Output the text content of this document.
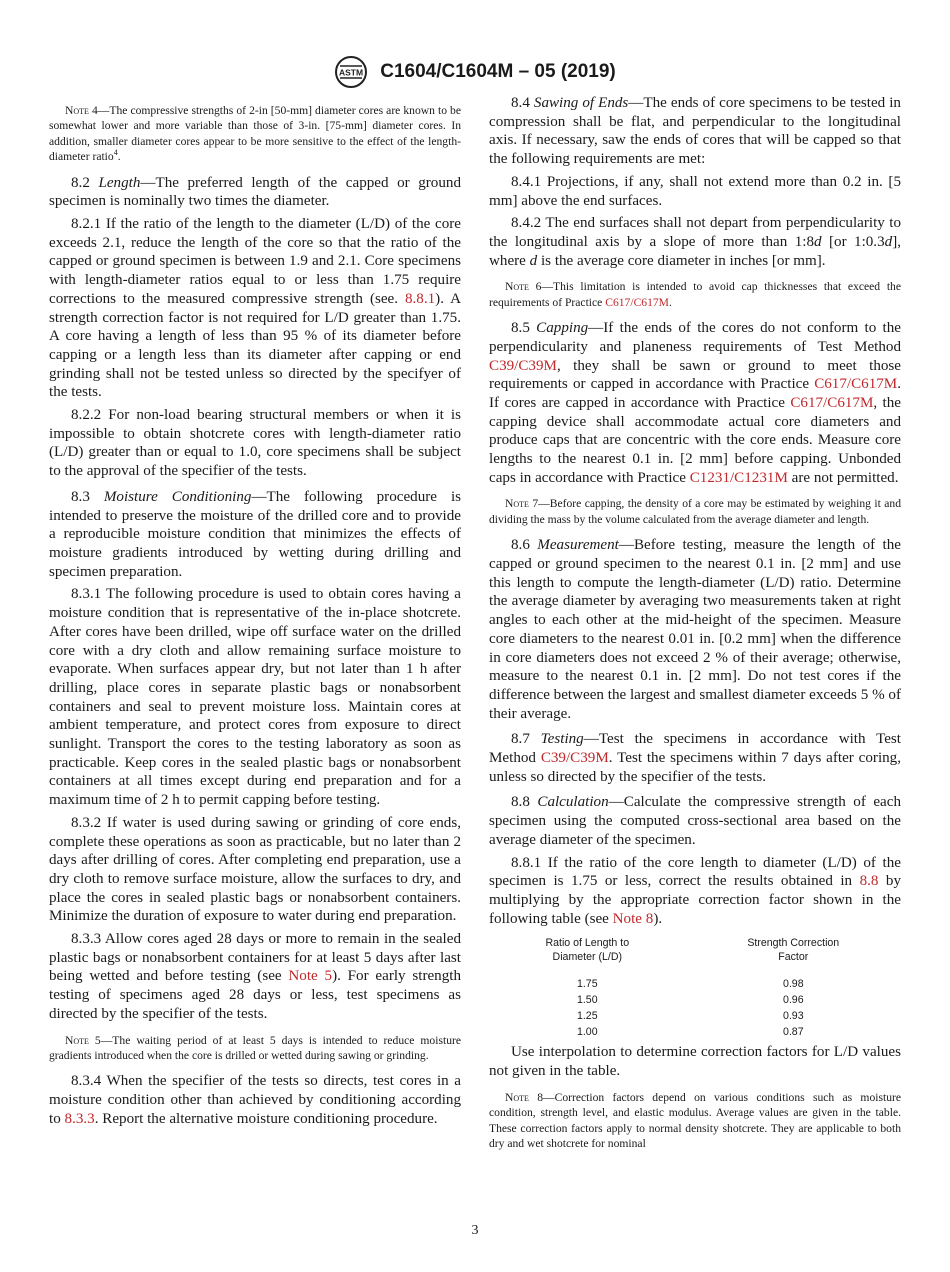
ASTM C1604/C1604M – 05 (2019)

Note 4—The compressive strengths of 2-in [50-mm] diameter cores are known to be somewhat lower and more variable than those of 3-in. [75-mm] diameter cores. In addition, smaller diameter cores appear to be more sensitive to the effect of the length-diameter ratio$^4$.

8.2 Length—The preferred length of the capped or ground specimen is nominally two times the diameter.

8.2.1 If the ratio of the length to the diameter (L/D) of the core exceeds 2.1, reduce the length of the core so that the ratio of the capped or ground specimen is between 1.9 and 2.1. Core specimens with length-diameter ratios equal to or less than 1.75 require corrections to the measured compressive strength (see. 8.8.1). A strength correction factor is not required for L/D greater than 1.75. A core having a length of less than 95 % of its diameter before capping or a length less than its diameter after capping or end grinding shall not be tested unless so directed by the specifyer of the tests.

8.2.2 For non-load bearing structural members or when it is impossible to obtain shotcrete cores with length-diameter ratio (L/D) greater than or equal to 1.0, core specimens shall be subject to the approval of the specifier of the tests.

8.3 Moisture Conditioning—The following procedure is intended to preserve the moisture of the drilled core and to provide a reproducible moisture condition that minimizes the effects of moisture gradients introduced by wetting during drilling and specimen preparation.

8.3.1 The following procedure is used to obtain cores having a moisture condition that is representative of the in-place shotcrete. After cores have been drilled, wipe off surface water on the drilled core with a dry cloth and allow remaining surface moisture to evaporate. When surfaces appear dry, but not later than 1 h after drilling, place cores in separate plastic bags or nonabsorbent containers and seal to prevent moisture loss. Maintain cores at ambient temperature, and protect cores from exposure to direct sunlight. Transport the cores to the testing laboratory as soon as practicable. Keep cores in the sealed plastic bags or nonabsorbent containers at all times except during end preparation and for a maximum time of 2 h to permit capping before testing.

8.3.2 If water is used during sawing or grinding of core ends, complete these operations as soon as practicable, but no later than 2 days after drilling of cores. After completing end preparation, use a dry cloth to remove surface moisture, allow the surfaces to dry, and place the cores in sealed plastic bags or nonabsorbent containers. Minimize the duration of exposure to water during end preparation.

8.3.3 Allow cores aged 28 days or more to remain in the sealed plastic bags or nonabsorbent containers for at least 5 days after last being wetted and before testing (see Note 5). For early strength testing of specimens aged 28 days or less, test specimens as directed by the specifier of the tests.

Note 5—The waiting period of at least 5 days is intended to reduce moisture gradients introduced when the core is drilled or wetted during sawing or grinding.

8.3.4 When the specifier of the tests so directs, test cores in a moisture condition other than achieved by conditioning according to 8.3.3. Report the alternative moisture conditioning procedure.

8.4 Sawing of Ends—The ends of core specimens to be tested in compression shall be flat, and perpendicular to the longitudinal axis. If necessary, saw the ends of cores that will be capped so that the following requirements are met:

8.4.1 Projections, if any, shall not extend more than 0.2 in. [5 mm] above the end surfaces.

8.4.2 The end surfaces shall not depart from perpendicularity to the longitudinal axis by a slope of more than 1:8d [or 1:0.3d], where d is the average core diameter in inches [or mm].

Note 6—This limitation is intended to avoid cap thicknesses that exceed the requirements of Practice C617/C617M.

8.5 Capping—If the ends of the cores do not conform to the perpendicularity and planeness requirements of Test Method C39/C39M, they shall be sawn or ground to meet those requirements or capped in accordance with Practice C617/C617M. If cores are capped in accordance with Practice C617/C617M, the capping device shall accommodate actual core diameters and produce caps that are concentric with the core ends. Measure core lengths to the nearest 0.1 in. [2 mm] before capping. Unbonded caps in accordance with Practice C1231/C1231M are not permitted.

Note 7—Before capping, the density of a core may be estimated by weighing it and dividing the mass by the volume calculated from the average diameter and length.

8.6 Measurement—Before testing, measure the length of the capped or ground specimen to the nearest 0.1 in. [2 mm] and use this length to compute the length-diameter (L/D) ratio. Determine the average diameter by averaging two measurements taken at right angles to each other at the mid-height of the specimen. Measure core diameters to the nearest 0.01 in. [0.2 mm] when the difference in core diameters does not exceed 2 % of their average; otherwise, measure to the nearest 0.1 in. [2 mm]. Do not test cores if the difference between the largest and smallest diameter exceeds 5 % of their average.

8.7 Testing—Test the specimens in accordance with Test Method C39/C39M. Test the specimens within 7 days after coring, unless so directed by the specifier of the tests.

8.8 Calculation—Calculate the compressive strength of each specimen using the computed cross-sectional area based on the average diameter of the specimen.

8.8.1 If the ratio of the core length to diameter (L/D) of the specimen is 1.75 or less, correct the results obtained in 8.8 by multiplying by the appropriate correction factor shown in the following table (see Note 8).

Ratio of Length to
Diameter (L/D)	Strength Correction
Factor
1.75	0.98
1.50	0.96
1.25	0.93
1.00	0.87

Use interpolation to determine correction factors for L/D values not given in the table.

Note 8—Correction factors depend on various conditions such as moisture condition, strength level, and elastic modulus. Average values are given in the table. These correction factors apply to normal density shotcrete. They are applicable to both dry and wet shotcrete for nominal

3
